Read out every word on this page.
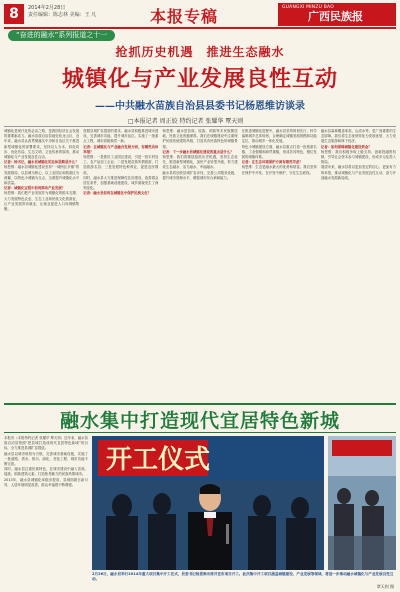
8	2014年2月28日
责任编辑：陈志林 美编：王 凡	本报专稿	GUANGXI MINZU BAO
广西民族报
“奋进的融水”系列报道之十一
抢抓历史机遇　推进生态融水
城镇化与产业发展良性互动
——中共融水苗族自治县县委书记杨恩维访谈录
□本报记者 周正姣 特约记者 张耀华 覃天则

城镇化是现代化的必由之路，是我国经济社会发展的重要驱动力。融水苗族自治县地处桂北山区，近年来，融水县认真贯彻落实中央和自治区关于推进新型城镇化的部署要求，坚持以人为本、四化同步、优化布局、生态文明、文化传承的原则，推动城镇化与产业发展良性互动。

记者：杨书记，融水县城镇化的总体思路是什么？

杨恩维：融水县城镇化建设坚持“一城两区多镇”的发展格局，以县城为核心，以工业园区和旅游区为两翼，以特色小城镇为支点，全面提升城镇化水平和质量。

记者：城镇化过程中如何推动产业发展？

杨恩维：我们把产业发展作为城镇化的根本支撑，大力发展特色农业、生态工业和民族文化旅游业，让产业发展带动就业，让就业促进人口向城镇集聚。

按照县城扩容提质的要求，融水县积极推进城市建设，完善城市功能，提升城市品位。实施了一批重点工程，城市面貌焕然一新。

记者：在城镇化与产业融合发展方面，有哪些具体举措？

杨恩维：一是抓好工业园区建设，引进一批木材加工、农产品加工企业；二是发展苗族风情旅游，打造旅游名县；三是发展特色种养业，促进农民增收。

同时，融水县大力推进保障性住房建设，改善群众居住条件，加强基础设施建设，城乡面貌发生了深刻变化。

记者：融水县如何在城镇化中保护民族文化？

杨恩维：融水是苗族、瑶族、侗族等多民族聚居地，民族文化底蕴深厚。我们在城镇建设中注重保护民族传统建筑风格，打造具有民族特色的城镇景观。

记者：下一步融水县城镇化建设的重点是什么？

杨恩维：我们将继续抢抓历史机遇，坚持生态优先，推进新型城镇化，加快产业转型升级，努力建设生态融水、活力融水、幸福融水。

融水县将加快县城扩容步伐，完善公共服务设施，提升城市管理水平，增强城市综合承载能力。

在推进城镇化进程中，融水县坚持规划先行，科学编制城乡总体规划，合理确定城镇发展规模和功能定位，推动城乡一体化发展。

特色小城镇建设方面，融水县重点打造一批旅游名镇、工业强镇和商贸重镇，形成各具特色、错位发展的城镇体系。

记者：在生态环境保护方面有哪些考虑？

杨恩维：生态是融水最大的优势和财富。我们坚持在保护中开发，在开发中保护，守住生态底线。

融水县森林覆盖率高，山清水秀，是广西重要的生态屏障。我们将生态优势转化为发展优势，大力发展生态旅游和林下经济。

记者：如何保障城镇化建设资金？

杨恩维：我们积极争取上级支持，创新投融资机制，引导社会资本参与城镇建设，形成多元化投入格局。

展望未来，融水县将以更加坚定的信心、更加有力的举措，推动城镇化与产业发展良性互动，奋力开创融水发展新局面。

融水集中打造现代宜居特色新城

本报讯（本报特约记者 张耀华 覃天则）近年来，融水苗族自治县按照“把县城打造成现代宜居特色新城”的目标，全力推进县城扩容提质。

融水县以城市规划为引领，完善城市基础设施，实施了一批道路、供水、排污、绿化、亮化工程，城市功能不断完善。

同时，融水县注重民族特色，在城市建设中融入苗族、瑶族、侗族建筑元素，打造独具魅力的民族风情城市。

2013年，融水县城镇化率稳步提高，县城面貌日新月异，人居环境明显改善，群众幸福感不断增强。

开工仪式
2月26日，融水县举行2014年重大项目集中开工仪式，县委书记杨恩维出席并宣布项目开工。此次集中开工项目涵盖城镇建设、产业发展等领域，将进一步推动融水城镇化与产业发展良性互动。
覃天则 摄
